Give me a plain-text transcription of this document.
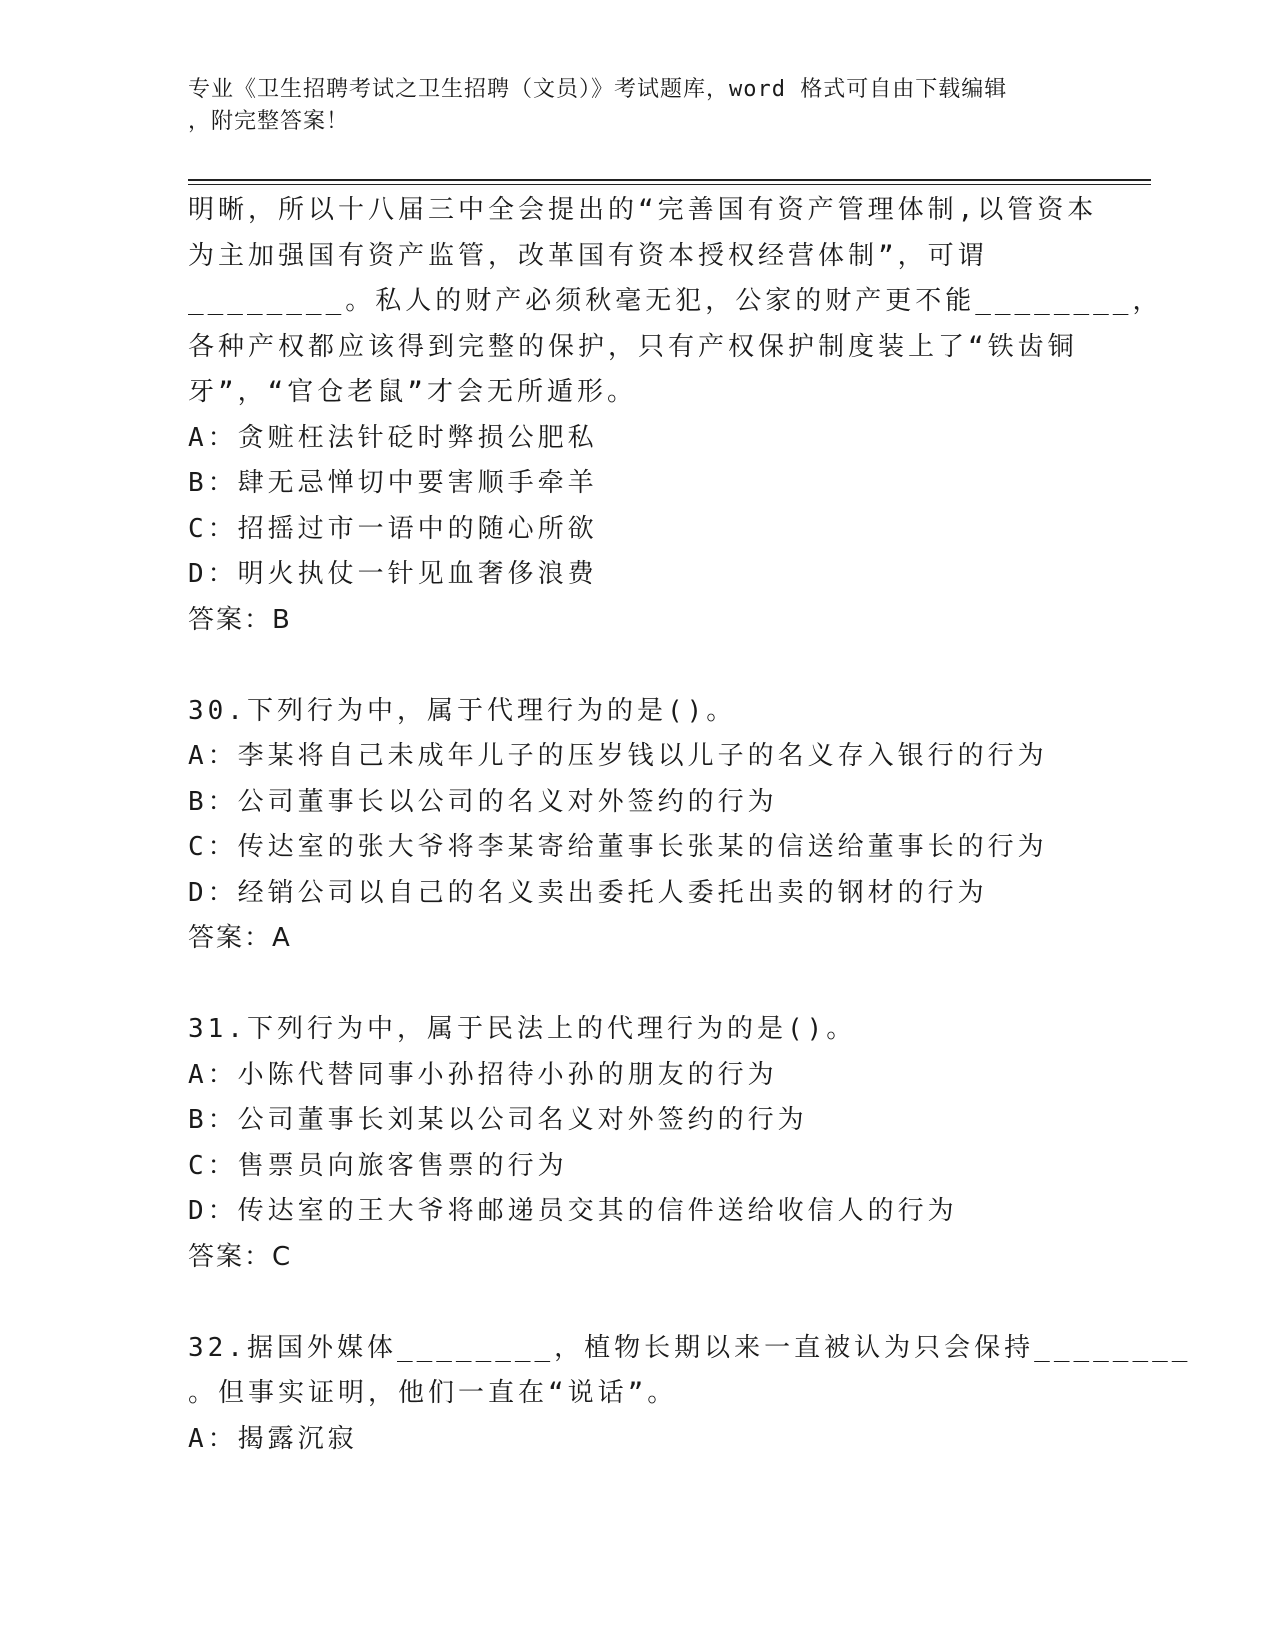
专业《卫生招聘考试之卫生招聘（文员）》考试题库，word 格式可自由下载编辑
，附完整答案！
明晰，所以十八届三中全会提出的“完善国有资产管理体制,以管资本
为主加强国有资产监管，改革国有资本授权经营体制”，可谓
________。私人的财产必须秋毫无犯，公家的财产更不能________，
各种产权都应该得到完整的保护，只有产权保护制度装上了“铁齿铜
牙”，“官仓老鼠”才会无所遁形。
A：贪赃枉法针砭时弊损公肥私
B：肆无忌惮切中要害顺手牵羊
C：招摇过市一语中的随心所欲
D：明火执仗一针见血奢侈浪费
答案：B
30.下列行为中，属于代理行为的是()。
A：李某将自己未成年儿子的压岁钱以儿子的名义存入银行的行为
B：公司董事长以公司的名义对外签约的行为
C：传达室的张大爷将李某寄给董事长张某的信送给董事长的行为
D：经销公司以自己的名义卖出委托人委托出卖的钢材的行为
答案：A
31.下列行为中，属于民法上的代理行为的是()。
A：小陈代替同事小孙招待小孙的朋友的行为
B：公司董事长刘某以公司名义对外签约的行为
C：售票员向旅客售票的行为
D：传达室的王大爷将邮递员交其的信件送给收信人的行为
答案：C
32.据国外媒体________，植物长期以来一直被认为只会保持________
。但事实证明，他们一直在“说话”。
A：揭露沉寂
